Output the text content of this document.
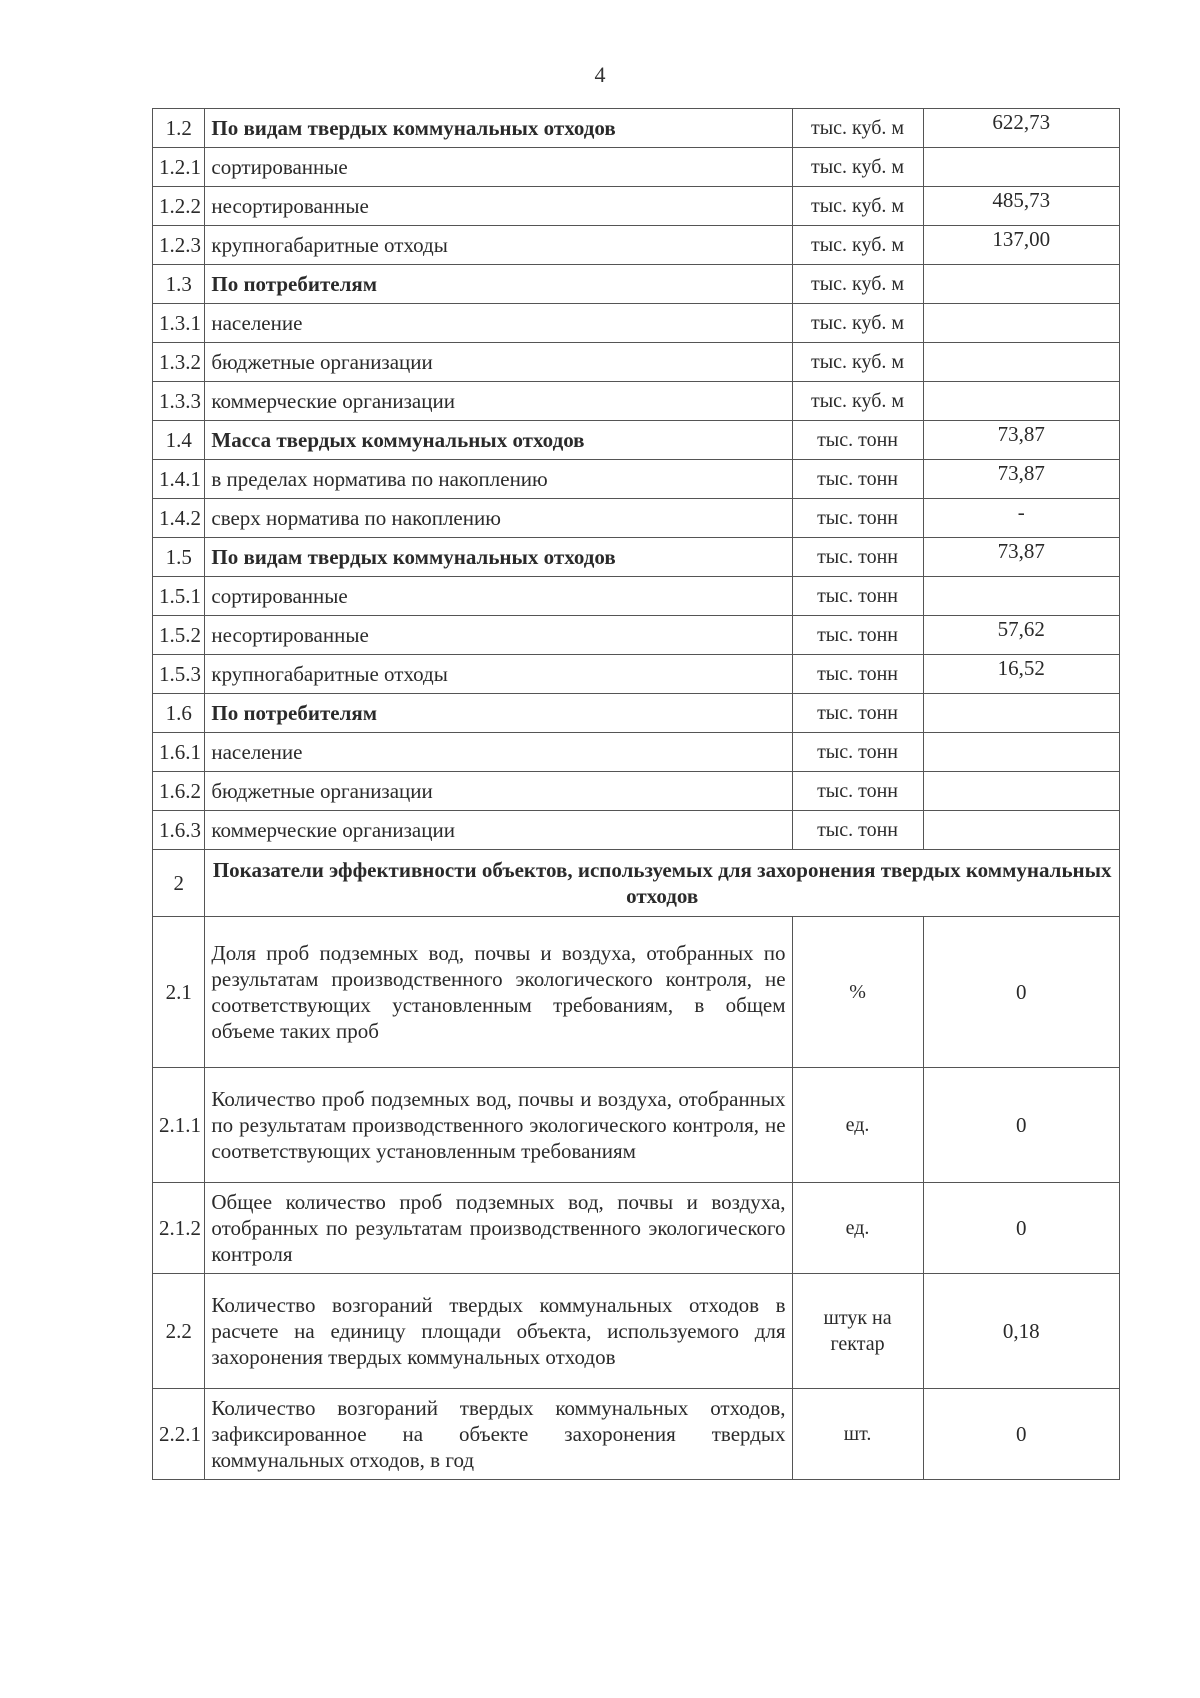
4
1.2	По видам твердых коммунальных отходов	тыс. куб. м	622,73
1.2.1	сортированные	тыс. куб. м	
1.2.2	несортированные	тыс. куб. м	485,73
1.2.3	крупногабаритные отходы	тыс. куб. м	137,00
1.3	По потребителям	тыс. куб. м	
1.3.1	население	тыс. куб. м	
1.3.2	бюджетные организации	тыс. куб. м	
1.3.3	коммерческие организации	тыс. куб. м	
1.4	Масса твердых коммунальных отходов	тыс. тонн	73,87
1.4.1	в пределах норматива по накоплению	тыс. тонн	73,87
1.4.2	сверх норматива по накоплению	тыс. тонн	-
1.5	По видам твердых коммунальных отходов	тыс. тонн	73,87
1.5.1	сортированные	тыс. тонн	
1.5.2	несортированные	тыс. тонн	57,62
1.5.3	крупногабаритные отходы	тыс. тонн	16,52
1.6	По потребителям	тыс. тонн	
1.6.1	население	тыс. тонн	
1.6.2	бюджетные организации	тыс. тонн	
1.6.3	коммерческие организации	тыс. тонн	
2	Показатели эффективности объектов, используемых для захоронения твердых коммунальных отходов		
2.1	Доля проб подземных вод, почвы и воздуха, отобранных по результатам производственного экологического контроля, не соответствующих установленным требованиям, в общем объеме таких проб	%	0
2.1.1	Количество проб подземных вод, почвы и воздуха, отобранных по результатам производственного экологического контроля, не соответствующих установленным требованиям	ед.	0
2.1.2	Общее количество проб подземных вод, почвы и воздуха, отобранных по результатам производственного экологического контроля	ед.	0
2.2	Количество возгораний твердых коммунальных отходов в расчете на единицу площади объекта, используемого для захоронения твердых коммунальных отходов	штук на гектар	0,18
2.2.1	Количество возгораний твердых коммунальных отходов, зафиксированное на объекте захоронения твердых коммунальных отходов, в год	шт.	0
